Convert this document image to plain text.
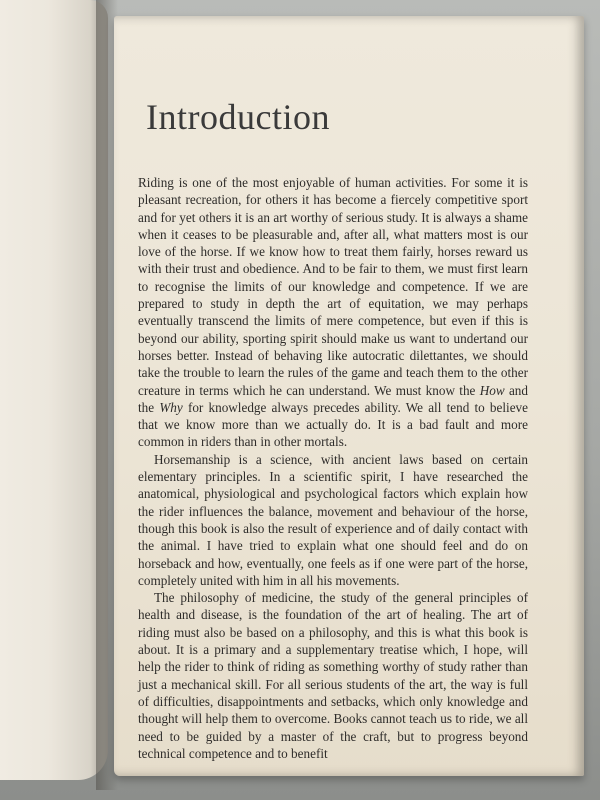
Introduction

Riding is one of the most enjoyable of human activities. For some it is pleasant recreation, for others it has become a fiercely competitive sport and for yet others it is an art worthy of serious study. It is always a shame when it ceases to be pleasurable and, after all, what matters most is our love of the horse. If we know how to treat them fairly, horses reward us with their trust and obedience. And to be fair to them, we must first learn to recognise the limits of our knowledge and competence. If we are prepared to study in depth the art of equitation, we may perhaps eventually transcend the limits of mere competence, but even if this is beyond our ability, sporting spirit should make us want to undertand our horses better. Instead of behaving like autocratic dilettantes, we should take the trouble to learn the rules of the game and teach them to the other creature in terms which he can understand. We must know the How and the Why for knowledge always precedes ability. We all tend to believe that we know more than we actually do. It is a bad fault and more common in riders than in other mortals.

Horsemanship is a science, with ancient laws based on certain elementary principles. In a scientific spirit, I have researched the anatomical, physiological and psychological factors which explain how the rider influences the balance, movement and behaviour of the horse, though this book is also the result of experience and of daily contact with the animal. I have tried to explain what one should feel and do on horseback and how, eventually, one feels as if one were part of the horse, completely united with him in all his movements.

The philosophy of medicine, the study of the general principles of health and disease, is the foundation of the art of healing. The art of riding must also be based on a philosophy, and this is what this book is about. It is a primary and a supplementary treatise which, I hope, will help the rider to think of riding as something worthy of study rather than just a mechanical skill. For all serious students of the art, the way is full of difficulties, disappointments and setbacks, which only knowledge and thought will help them to overcome. Books cannot teach us to ride, we all need to be guided by a master of the craft, but to progress beyond technical competence and to benefit
